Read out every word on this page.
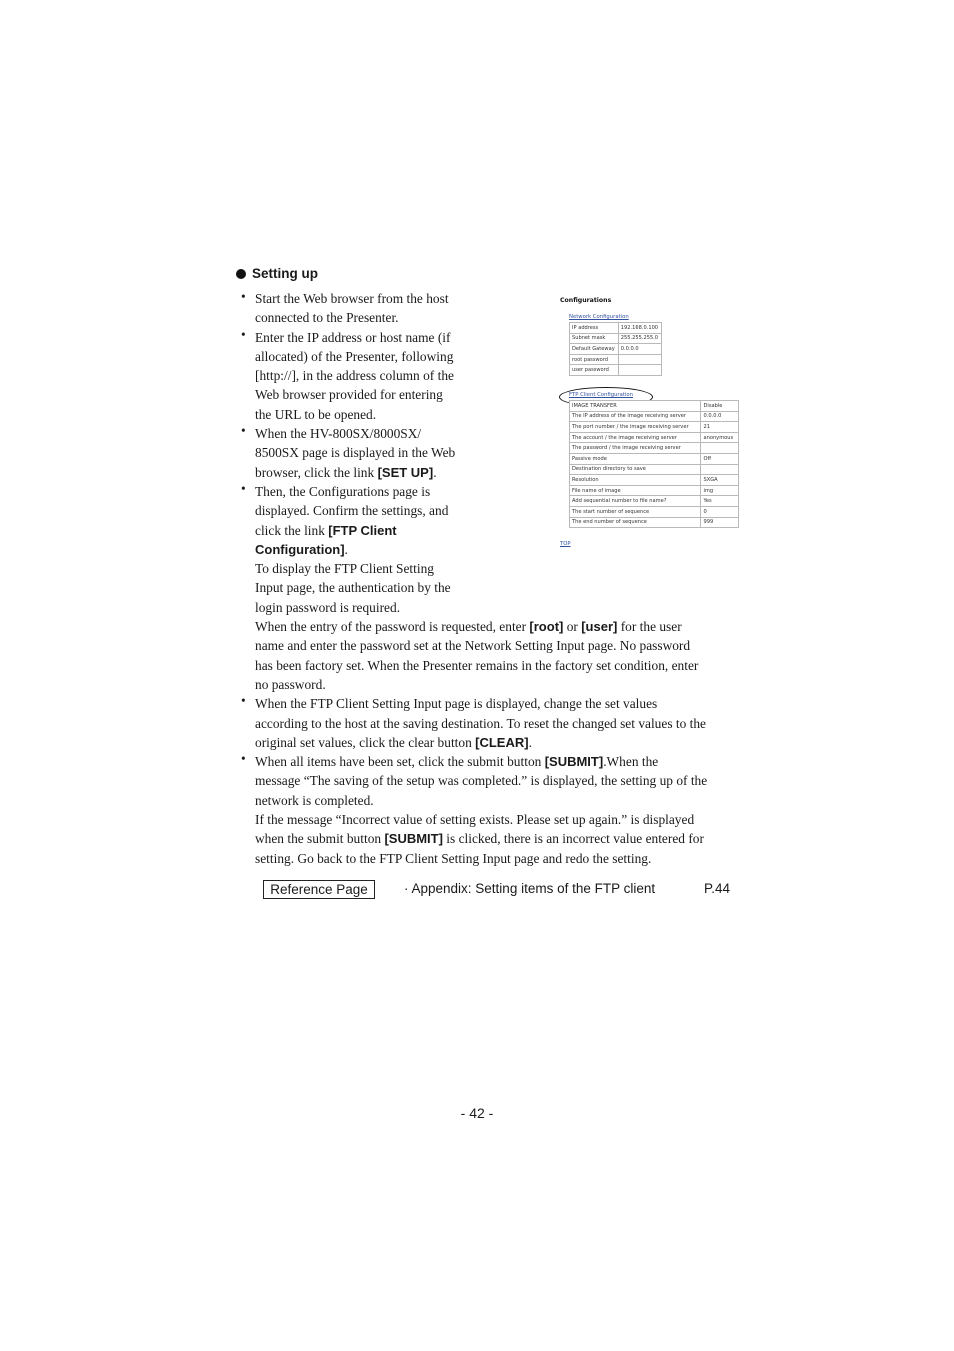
Setting up
•
•
•
•
•
•
Start the Web browser from the host
connected to the Presenter.
Enter the IP address or host name (if
allocated) of the Presenter, following
[http://], in the address column of the
Web browser provided for entering
the URL to be opened.
When the HV-800SX/8000SX/
8500SX page is displayed in the Web
browser, click the link [SET UP].
Then, the Configurations page is
displayed. Confirm the settings, and
click the link [FTP Client
Configuration].
To display the FTP Client Setting
Input page, the authentication by the
login password is required.
When the entry of the password is requested, enter [root] or [user] for the user
name and enter the password set at the Network Setting Input page. No password
has been factory set. When the Presenter remains in the factory set condition, enter
no password.
When the FTP Client Setting Input page is displayed, change the set values
according to the host at the saving destination. To reset the changed set values to the
original set values, click the clear button [CLEAR].
When all items have been set, click the submit button [SUBMIT].When the
message “The saving of the setup was completed.” is displayed, the setting up of the
network is completed.
If the message “Incorrect value of setting exists. Please set up again.” is displayed
when the submit button [SUBMIT] is clicked, there is an incorrect value entered for
setting. Go back to the FTP Client Setting Input page and redo the setting.
Configurations
Network Configuration
IP address	192.168.0.100
Subnet mask	255.255.255.0
Default Gateway	0.0.0.0
root password	
user password	
FTP Client Configuration
IMAGE TRANSFER	Disable
The IP address of the image receiving server	0.0.0.0
The port number / the image receiving server	21
The account / the image receiving server	anonymous
The password / the image receiving server	
Passive mode	Off
Destination directory to save	
Resolution	SXGA
File name of image	img
Add sequential number to file name?	Yes
The start number of sequence	0
The end number of sequence	999
TOP
Reference Page	· Appendix: Setting items of the FTP client	P.44
- 42 -
